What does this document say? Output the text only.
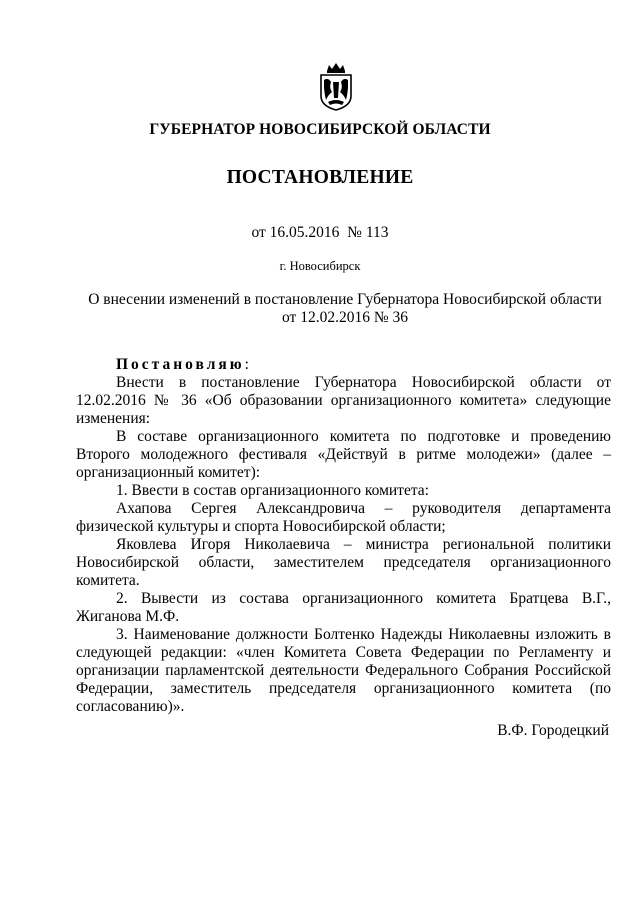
ГУБЕРНАТОР НОВОСИБИРСКОЙ ОБЛАСТИ
ПОСТАНОВЛЕНИЕ
от 16.05.2016  № 113
г. Новосибирск
О внесении изменений в постановление Губернатора Новосибирской области
от 12.02.2016 № 36
Постановляю:
Внести в постановление Губернатора Новосибирской области от 12.02.2016 № 36 «Об образовании организационного комитета» следующие изменения:
В составе организационного комитета по подготовке и проведению Второго молодежного фестиваля «Действуй в ритме молодежи» (далее – организационный комитет):
1. Ввести в состав организационного комитета:
Ахапова Сергея Александровича – руководителя департамента физической культуры и спорта Новосибирской области;
Яковлева Игоря Николаевича – министра региональной политики Новосибирской области, заместителем председателя организационного комитета.
2. Вывести из состава организационного комитета Братцева В.Г., Жиганова М.Ф.
3. Наименование должности Болтенко Надежды Николаевны изложить в следующей редакции: «член Комитета Совета Федерации по Регламенту и организации парламентской деятельности Федерального Собрания Российской Федерации, заместитель председателя организационного комитета (по согласованию)».
В.Ф. Городецкий
